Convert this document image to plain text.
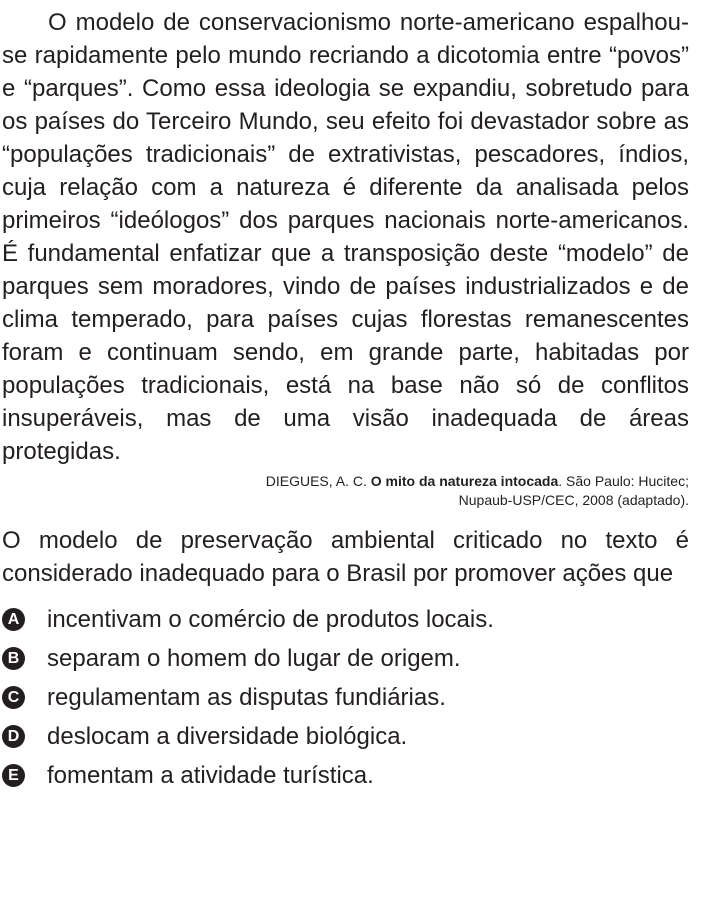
O modelo de conservacionismo norte-americano espalhou-se rapidamente pelo mundo recriando a dicotomia entre “povos” e “parques”. Como essa ideologia se expandiu, sobretudo para os países do Terceiro Mundo, seu efeito foi devastador sobre as “populações tradicionais” de extrativistas, pescadores, índios, cuja relação com a natureza é diferente da analisada pelos primeiros “ideólogos” dos parques nacionais norte-americanos. É fundamental enfatizar que a transposição deste “modelo” de parques sem moradores, vindo de países industrializados e de clima temperado, para países cujas florestas remanescentes foram e continuam sendo, em grande parte, habitadas por populações tradicionais, está na base não só de conflitos insuperáveis, mas de uma visão inadequada de áreas protegidas.

DIEGUES, A. C. O mito da natureza intocada. São Paulo: Hucitec;
Nupaub-USP/CEC, 2008 (adaptado).

O modelo de preservação ambiental criticado no texto é considerado inadequado para o Brasil por promover ações que

A incentivam o comércio de produtos locais.
B separam o homem do lugar de origem.
C regulamentam as disputas fundiárias.
D deslocam a diversidade biológica.
E fomentam a atividade turística.
